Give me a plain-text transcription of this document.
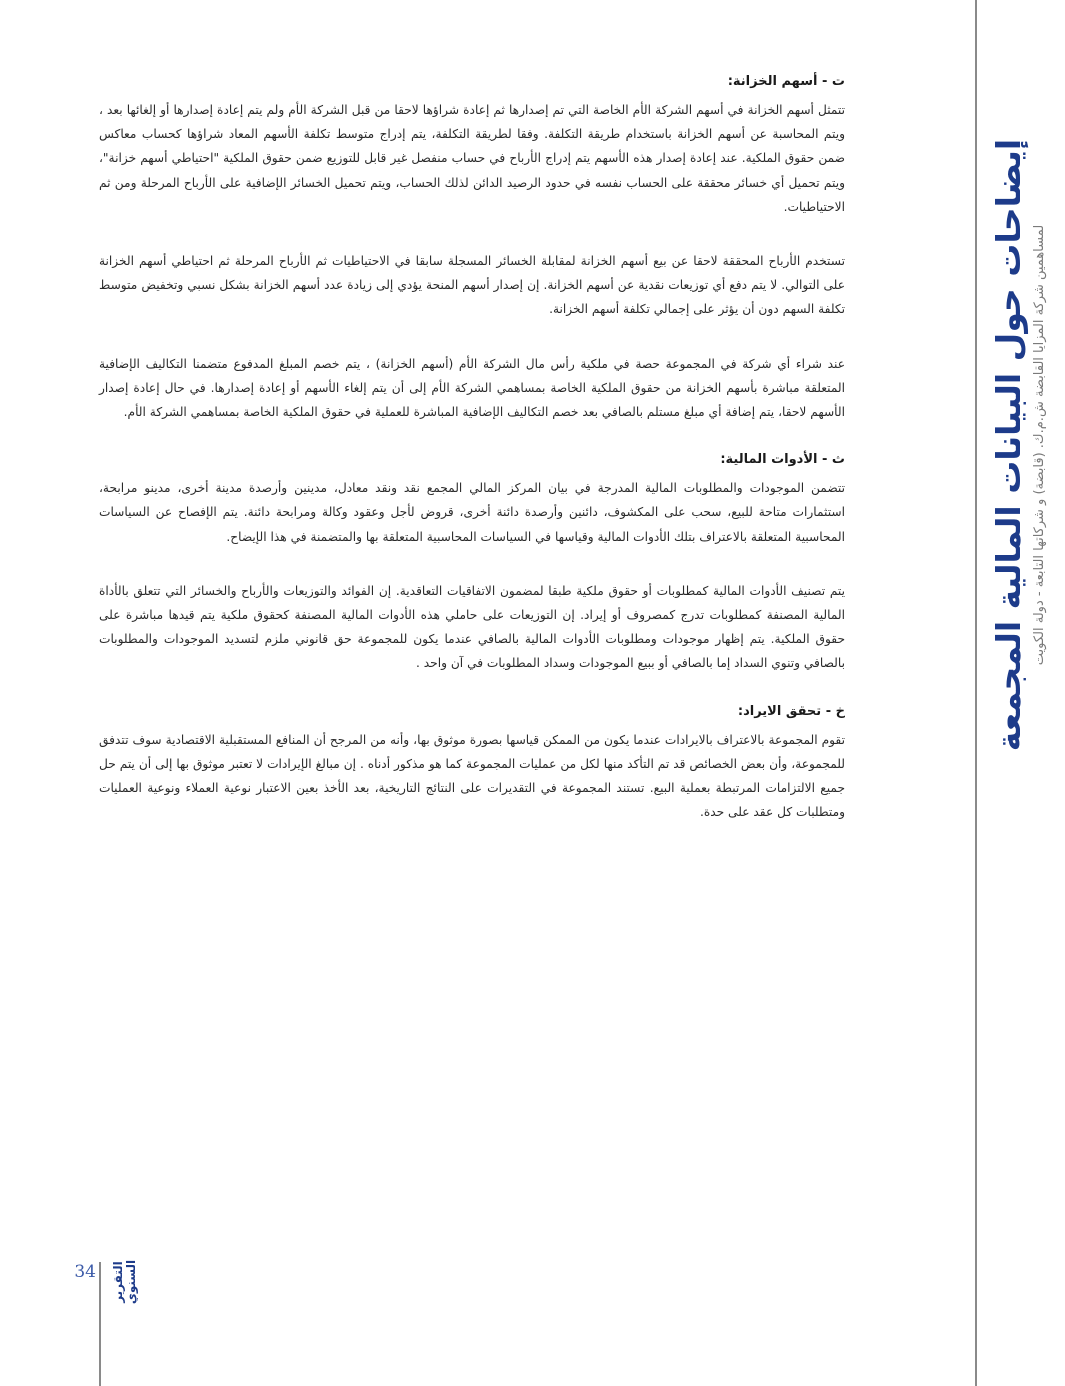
ت - أسهم الخزانة:

تتمثل أسهم الخزانة في أسهم الشركة الأم الخاصة التي تم إصدارها ثم إعادة شراؤها لاحقا من قبل الشركة الأم ولم يتم إعادة إصدارها أو إلغائها بعد ، ويتم المحاسبة عن أسهم الخزانة باستخدام طريقة التكلفة. وفقا لطريقة التكلفة، يتم إدراج متوسط تكلفة الأسهم المعاد شراؤها كحساب معاكس ضمن حقوق الملكية. عند إعادة إصدار هذه الأسهم يتم إدراج الأرباح في حساب منفصل غير قابل للتوزيع ضمن حقوق الملكية "احتياطي أسهم خزانة"، ويتم تحميل أي خسائر محققة على الحساب نفسه في حدود الرصيد الدائن لذلك الحساب، ويتم تحميل الخسائر الإضافية على الأرباح المرحلة ومن ثم الاحتياطيات.

تستخدم الأرباح المحققة لاحقا عن بيع أسهم الخزانة لمقابلة الخسائر المسجلة سابقا في الاحتياطيات ثم الأرباح المرحلة ثم احتياطي أسهم الخزانة على التوالي. لا يتم دفع أي توزيعات نقدية عن أسهم الخزانة. إن إصدار أسهم المنحة يؤدي إلى زيادة عدد أسهم الخزانة بشكل نسبي وتخفيض متوسط تكلفة السهم دون أن يؤثر على إجمالي تكلفة أسهم الخزانة.

عند شراء أي شركة في المجموعة حصة في ملكية رأس مال الشركة الأم (أسهم الخزانة) ، يتم خصم المبلغ المدفوع متضمنا التكاليف الإضافية المتعلقة مباشرة بأسهم الخزانة من حقوق الملكية الخاصة بمساهمي الشركة الأم إلى أن يتم إلغاء الأسهم أو إعادة إصدارها. في حال إعادة إصدار الأسهم لاحقا، يتم إضافة أي مبلغ مستلم بالصافي بعد خصم التكاليف الإضافية المباشرة للعملية في حقوق الملكية الخاصة بمساهمي الشركة الأم.

ث - الأدوات المالية:

تتضمن الموجودات والمطلوبات المالية المدرجة في بيان المركز المالي المجمع نقد ونقد معادل، مدينين وأرصدة مدينة أخرى، مدينو مرابحة، استثمارات متاحة للبيع، سحب على المكشوف، دائنين وأرصدة دائنة أخرى، قروض لأجل وعقود وكالة ومرابحة دائنة. يتم الإفصاح عن السياسات المحاسبية المتعلقة بالاعتراف بتلك الأدوات المالية وقياسها في السياسات المحاسبية المتعلقة بها والمتضمنة في هذا الإيضاح.

يتم تصنيف الأدوات المالية كمطلوبات أو حقوق ملكية طبقا لمضمون الاتفاقيات التعاقدية. إن الفوائد والتوزيعات والأرباح والخسائر التي تتعلق بالأداة المالية المصنفة كمطلوبات تدرج كمصروف أو إيراد. إن التوزيعات على حاملي هذه الأدوات المالية المصنفة كحقوق ملكية يتم قيدها مباشرة على حقوق الملكية. يتم إظهار موجودات ومطلوبات الأدوات المالية بالصافي عندما يكون للمجموعة حق قانوني ملزم لتسديد الموجودات والمطلوبات بالصافي وتنوي السداد إما بالصافي أو ببيع الموجودات وسداد المطلوبات في آن واحد .

خ - تحقق الايراد:

تقوم المجموعة بالاعتراف بالايرادات عندما يكون من الممكن قياسها بصورة موثوق بها، وأنه من المرجح أن المنافع المستقبلية الاقتصادية سوف تتدفق للمجموعة، وأن بعض الخصائص قد تم التأكد منها لكل من عمليات المجموعة كما هو مذكور أدناه . إن مبالغ الإيرادات لا تعتبر موثوق بها إلى أن يتم حل جميع الالتزامات المرتبطة بعملية البيع. تستند المجموعة في التقديرات على النتائج التاريخية، بعد الأخذ بعين الاعتبار نوعية العملاء ونوعية العمليات ومتطلبات كل عقد على حدة.

إيضاحات حول البيانات المالية المجمعة لمساهمين شركة المزايا القابضة ش.م.ك. (قابضة) و شركاتها التابعة - دولة الكويت
التقرير
السنوي
34
